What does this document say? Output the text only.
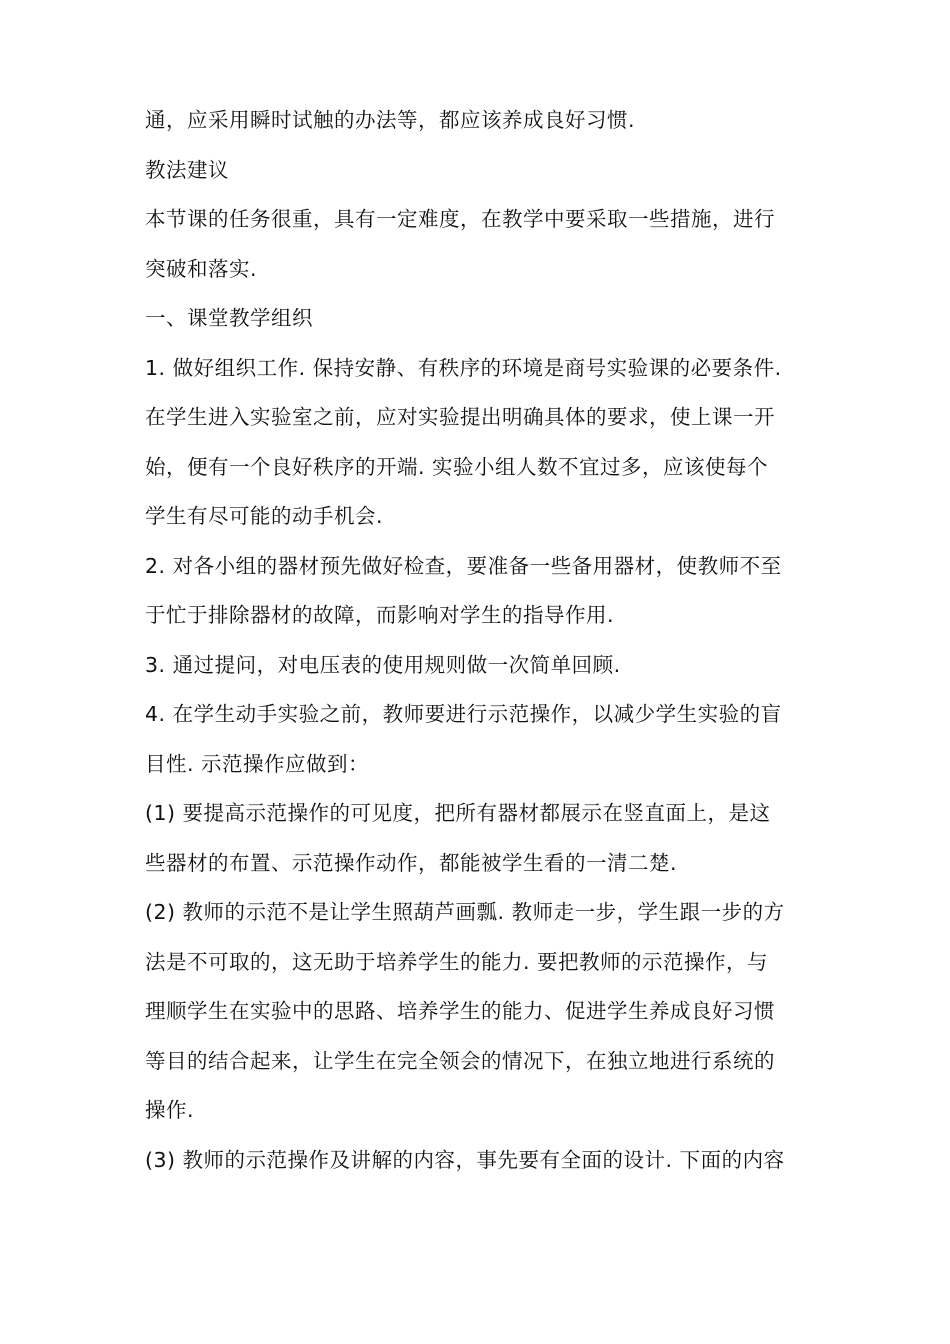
通，应采用瞬时试触的办法等，都应该养成良好习惯.
教法建议
本节课的任务很重，具有一定难度，在教学中要采取一些措施，进行
突破和落实.
一、课堂教学组织
1. 做好组织工作. 保持安静、有秩序的环境是商号实验课的必要条件.
在学生进入实验室之前，应对实验提出明确具体的要求，使上课一开
始，便有一个良好秩序的开端. 实验小组人数不宜过多，应该使每个
学生有尽可能的动手机会.
2. 对各小组的器材预先做好检查，要准备一些备用器材，使教师不至
于忙于排除器材的故障，而影响对学生的指导作用.
3. 通过提问，对电压表的使用规则做一次简单回顾.
4. 在学生动手实验之前，教师要进行示范操作，以减少学生实验的盲
目性. 示范操作应做到：
(1) 要提高示范操作的可见度，把所有器材都展示在竖直面上，是这
些器材的布置、示范操作动作，都能被学生看的一清二楚.
(2) 教师的示范不是让学生照葫芦画瓢. 教师走一步，学生跟一步的方
法是不可取的，这无助于培养学生的能力. 要把教师的示范操作，与
理顺学生在实验中的思路、培养学生的能力、促进学生养成良好习惯
等目的结合起来，让学生在完全领会的情况下，在独立地进行系统的
操作.
(3) 教师的示范操作及讲解的内容，事先要有全面的设计. 下面的内容
